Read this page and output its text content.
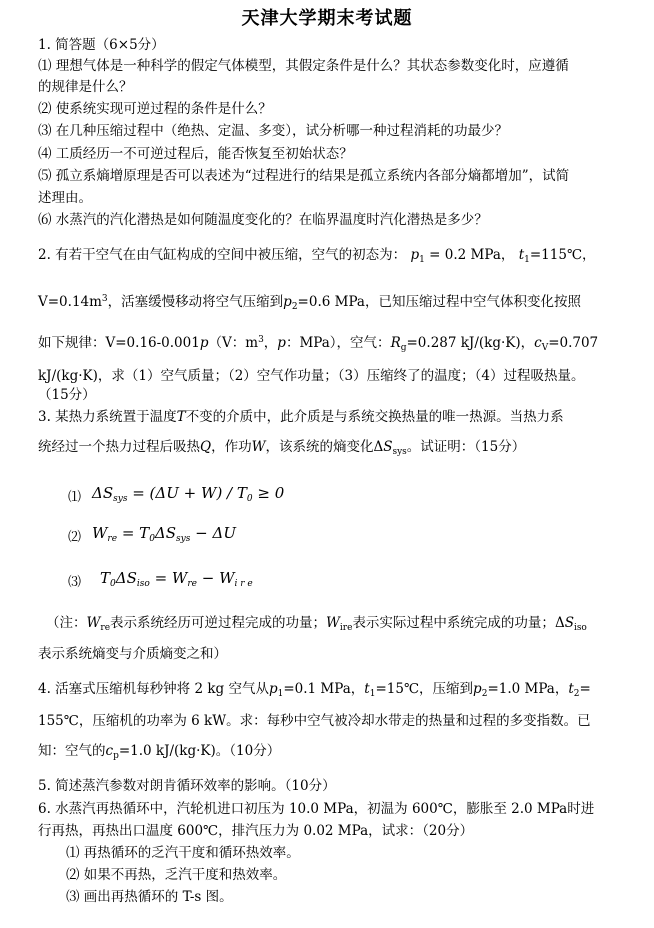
天津大学期末考试题
1. 简答题（6×5分）
⑴ 理想气体是一种科学的假定气体模型，其假定条件是什么？其状态参数变化时，应遵循
的规律是什么？
⑵ 使系统实现可逆过程的条件是什么？
⑶ 在几种压缩过程中（绝热、定温、多变），试分析哪一种过程消耗的功最少？
⑷ 工质经历一不可逆过程后，能否恢复至初始状态？
⑸ 孤立系熵增原理是否可以表述为“过程进行的结果是孤立系统内各部分熵都增加”，试简
述理由。
⑹ 水蒸汽的汽化潜热是如何随温度变化的？在临界温度时汽化潜热是多少？
2. 有若干空气在由气缸构成的空间中被压缩，空气的初态为： $p_1 = 0.2$ MPa， $t_1=115℃$，
$V=0.14m^3$，活塞缓慢移动将空气压缩到$p_2=0.6$ MPa，已知压缩过程中空气体积变化按照
如下规律：V=0.16-0.001p（V：$m^3$，p：MPa），空气：$R_g=0.287$ kJ/(kg·K)，$c_V=0.707$
kJ/(kg·K)，求（1）空气质量；（2）空气作功量；（3）压缩终了的温度；（4）过程吸热量。
（15分）
3. 某热力系统置于温度T不变的介质中，此介质是与系统交换热量的唯一热源。当热力系
统经过一个热力过程后吸热Q，作功W，该系统的熵变化$\Delta S_{sys}$。试证明：（15分）
⑴ $\Delta S_{sys} = (\Delta U + W) / T_0 \ge 0$
⑵ $W_{re} = T_0\Delta S_{sys} - \Delta U$
⑶ $T_0\Delta S_{iso} = W_{re} - W_{i r e}$
（注：$W_{re}$表示系统经历可逆过程完成的功量；$W_{ire}$表示实际过程中系统完成的功量；$\Delta S_{iso}$
表示系统熵变与介质熵变之和）
4. 活塞式压缩机每秒钟将 2 kg 空气从$p_1=0.1$ MPa，$t_1=15℃$，压缩到$p_2=1.0$ MPa，$t_2=$
155℃，压缩机的功率为 6 kW。求：每秒中空气被冷却水带走的热量和过程的多变指数。已
知：空气的$c_p=1.0$ kJ/(kg·K)。（10分）
5. 简述蒸汽参数对朗肯循环效率的影响。（10分）
6. 水蒸汽再热循环中，汽轮机进口初压为 10.0 MPa，初温为 600℃，膨胀至 2.0 MPa时进
行再热，再热出口温度 600℃，排汽压力为 0.02 MPa，试求：（20分）
⑴ 再热循环的乏汽干度和循环热效率。
⑵ 如果不再热，乏汽干度和热效率。
⑶ 画出再热循环的 T-s 图。
